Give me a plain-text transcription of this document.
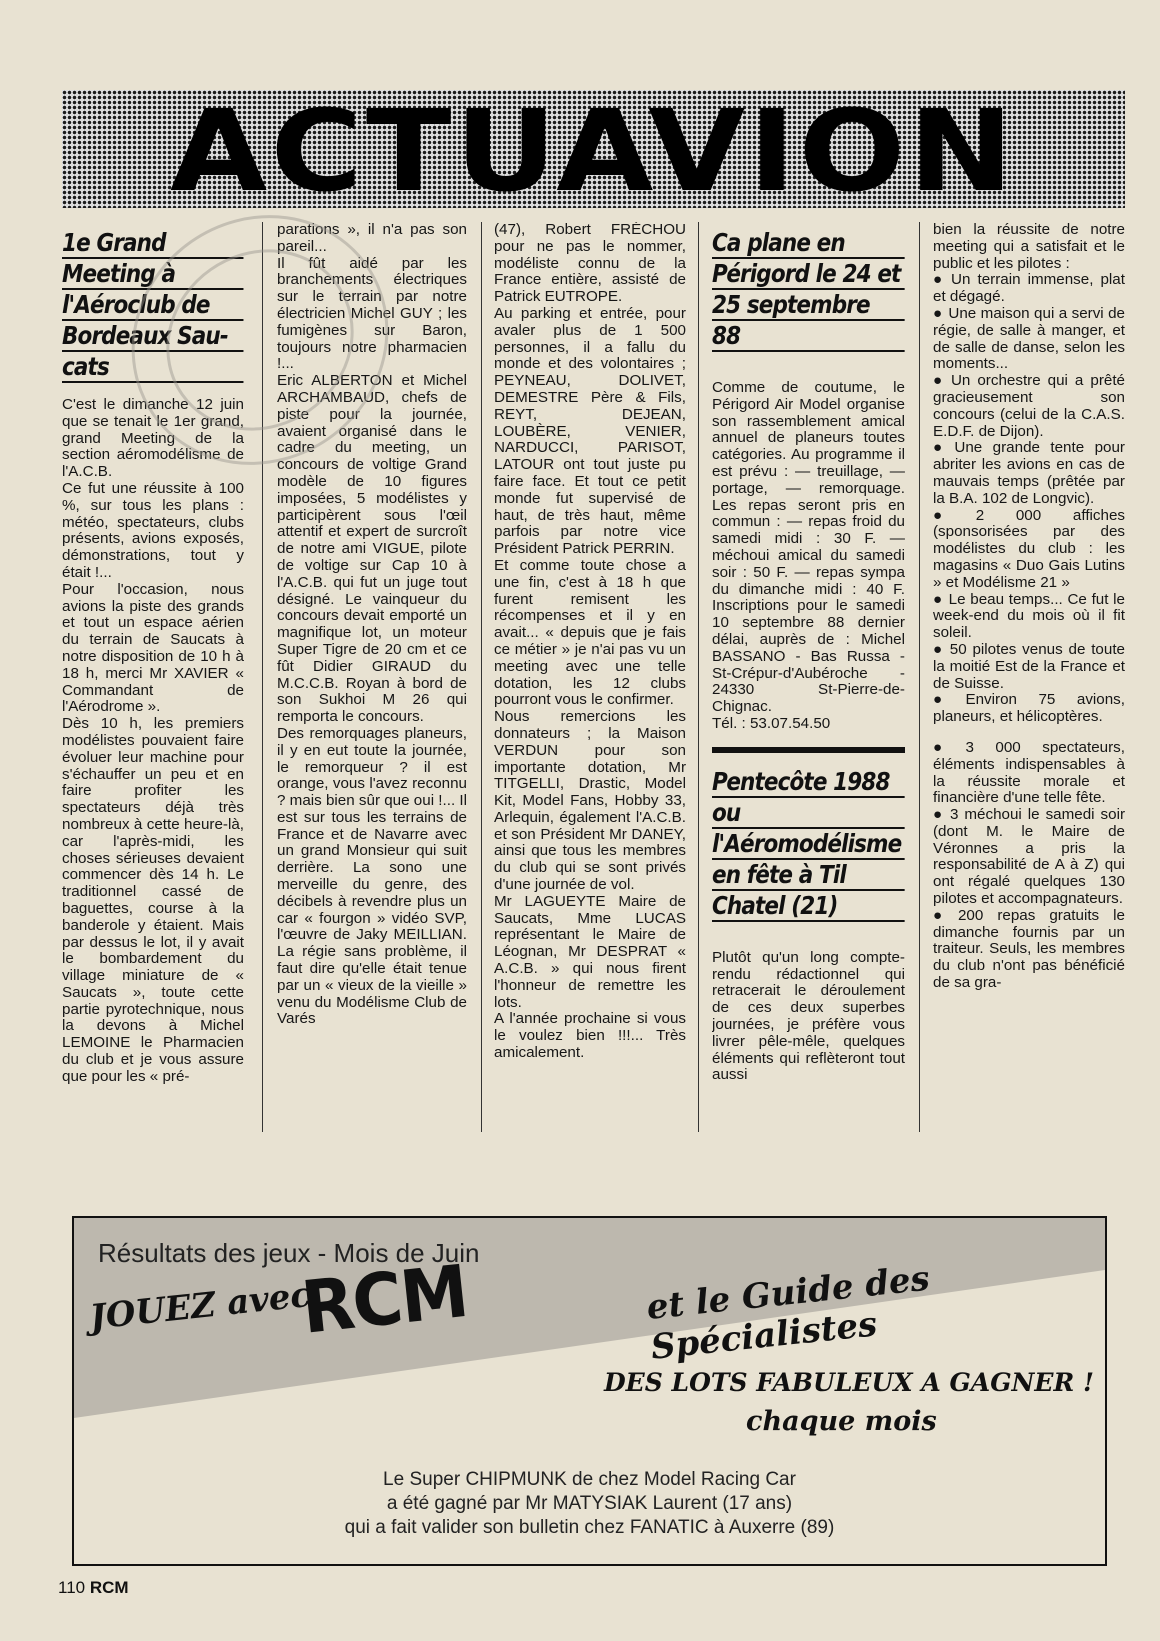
ACTUAVION
1e Grand
Meeting à
l'Aéroclub de
Bordeaux Sau-
cats

C'est le dimanche 12 juin que se tenait le 1er grand, grand Meeting de la section aéromodélisme de l'A.C.B.

Ce fut une réussite à 100 %, sur tous les plans : météo, spectateurs, clubs présents, avions exposés, démonstrations, tout y était !...

Pour l'occasion, nous avions la piste des grands et tout un espace aérien du terrain de Saucats à notre disposition de 10 h à 18 h, merci Mr XAVIER « Commandant de l'Aérodrome ».

Dès 10 h, les premiers modélistes pouvaient faire évoluer leur machine pour s'échauffer un peu et en faire profiter les spectateurs déjà très nombreux à cette heure-là, car l'après-midi, les choses sérieuses devaient commencer dès 14 h. Le traditionnel cassé de baguettes, course à la banderole y étaient. Mais par dessus le lot, il y avait le bombardement du village miniature de « Saucats », toute cette partie pyrotechnique, nous la devons à Michel LEMOINE le Pharmacien du club et je vous assure que pour les « pré-

parations », il n'a pas son pareil...

Il fût aidé par les branchements électriques sur le terrain par notre électricien Michel GUY ; les fumigènes sur Baron, toujours notre pharmacien !...

Eric ALBERTON et Michel ARCHAMBAUD, chefs de piste pour la journée, avaient organisé dans le cadre du meeting, un concours de voltige Grand modèle de 10 figures imposées, 5 modélistes y participèrent sous l'œil attentif et expert de surcroît de notre ami VIGUE, pilote de voltige sur Cap 10 à l'A.C.B. qui fut un juge tout désigné. Le vainqueur du concours devait emporté un magnifique lot, un moteur Super Tigre de 20 cm et ce fût Didier GIRAUD du M.C.C.B. Royan à bord de son Sukhoi M 26 qui remporta le concours.

Des remorquages planeurs, il y en eut toute la journée, le remorqueur ? il est orange, vous l'avez reconnu ? mais bien sûr que oui !... Il est sur tous les terrains de France et de Navarre avec un grand Monsieur qui suit derrière. La sono une merveille du genre, des décibels à revendre plus un car « fourgon » vidéo SVP, l'œuvre de Jaky MEILLIAN. La régie sans problème, il faut dire qu'elle était tenue par un « vieux de la vieille » venu du Modélisme Club de Varés

(47), Robert FRÉCHOU pour ne pas le nommer, modéliste connu de la France entière, assisté de Patrick EUTROPE.

Au parking et entrée, pour avaler plus de 1 500 personnes, il a fallu du monde et des volontaires ; PEYNEAU, DOLIVET, DEMESTRE Père & Fils, REYT, DEJEAN, LOUBÈRE, VENIER, NARDUCCI, PARISOT, LATOUR ont tout juste pu faire face. Et tout ce petit monde fut supervisé de haut, de très haut, même parfois par notre vice Président Patrick PERRIN.

Et comme toute chose a une fin, c'est à 18 h que furent remisent les récompenses et il y en avait... « depuis que je fais ce métier » je n'ai pas vu un meeting avec une telle dotation, les 12 clubs pourront vous le confirmer.

Nous remercions les donnateurs ; la Maison VERDUN pour son importante dotation, Mr TITGELLI, Drastic, Model Kit, Model Fans, Hobby 33, Arlequin, également l'A.C.B. et son Président Mr DANEY, ainsi que tous les membres du club qui se sont privés d'une journée de vol.

Mr LAGUEYTE Maire de Saucats, Mme LUCAS représentant le Maire de Léognan, Mr DESPRAT « A.C.B. » qui nous firent l'honneur de remettre les lots.

A l'année prochaine si vous le voulez bien !!!... Très amicalement.

Ca plane en
Périgord le 24 et
25 septembre
88

Comme de coutume, le Périgord Air Model organise son rassemblement amical annuel de planeurs toutes catégories. Au programme il est prévu : — treuillage, — portage, — remorquage. Les repas seront pris en commun : — repas froid du samedi midi : 30 F. — méchoui amical du samedi soir : 50 F. — repas sympa du dimanche midi : 40 F. Inscriptions pour le samedi 10 septembre 88 dernier délai, auprès de : Michel BASSANO - Bas Russa - St-Crépur-d'Aubéroche - 24330 St-Pierre-de-Chignac.

Tél. : 53.07.54.50

Pentecôte 1988
ou
l'Aéromodélisme
en fête à Til
Chatel (21)

Plutôt qu'un long compte-rendu rédactionnel qui retracerait le déroulement de ces deux superbes journées, je préfère vous livrer pêle-mêle, quelques éléments qui reflèteront tout aussi

bien la réussite de notre meeting qui a satisfait et le public et les pilotes :

● Un terrain immense, plat et dégagé.

● Une maison qui a servi de régie, de salle à manger, et de salle de danse, selon les moments...

● Un orchestre qui a prêté gracieusement son concours (celui de la C.A.S. E.D.F. de Dijon).

● Une grande tente pour abriter les avions en cas de mauvais temps (prêtée par la B.A. 102 de Longvic).

● 2 000 affiches (sponsorisées par des modélistes du club : les magasins « Duo Gais Lutins » et Modélisme 21 »

● Le beau temps... Ce fut le week-end du mois où il fit soleil.

● 50 pilotes venus de toute la moitié Est de la France et de Suisse.

● Environ 75 avions, planeurs, et hélicoptères.

● 3 000 spectateurs, éléments indispensables à la réussite morale et financière d'une telle fête.

● 3 méchoui le samedi soir (dont M. le Maire de Véronnes a pris la responsabilité de A à Z) qui ont régalé quelques 130 pilotes et accompagnateurs.

● 200 repas gratuits le dimanche fournis par un traiteur. Seuls, les membres du club n'ont pas bénéficié de sa gra-

Résultats des jeux - Mois de Juin
JOUEZ avec
RCM	et le Guide des Spécialistes
DES LOTS FABULEUX A GAGNER !
chaque mois
Le Super CHIPMUNK de chez Model Racing Car
a été gagné par Mr MATYSIAK Laurent (17 ans)
qui a fait valider son bulletin chez FANATIC à Auxerre (89)
110 RCM
